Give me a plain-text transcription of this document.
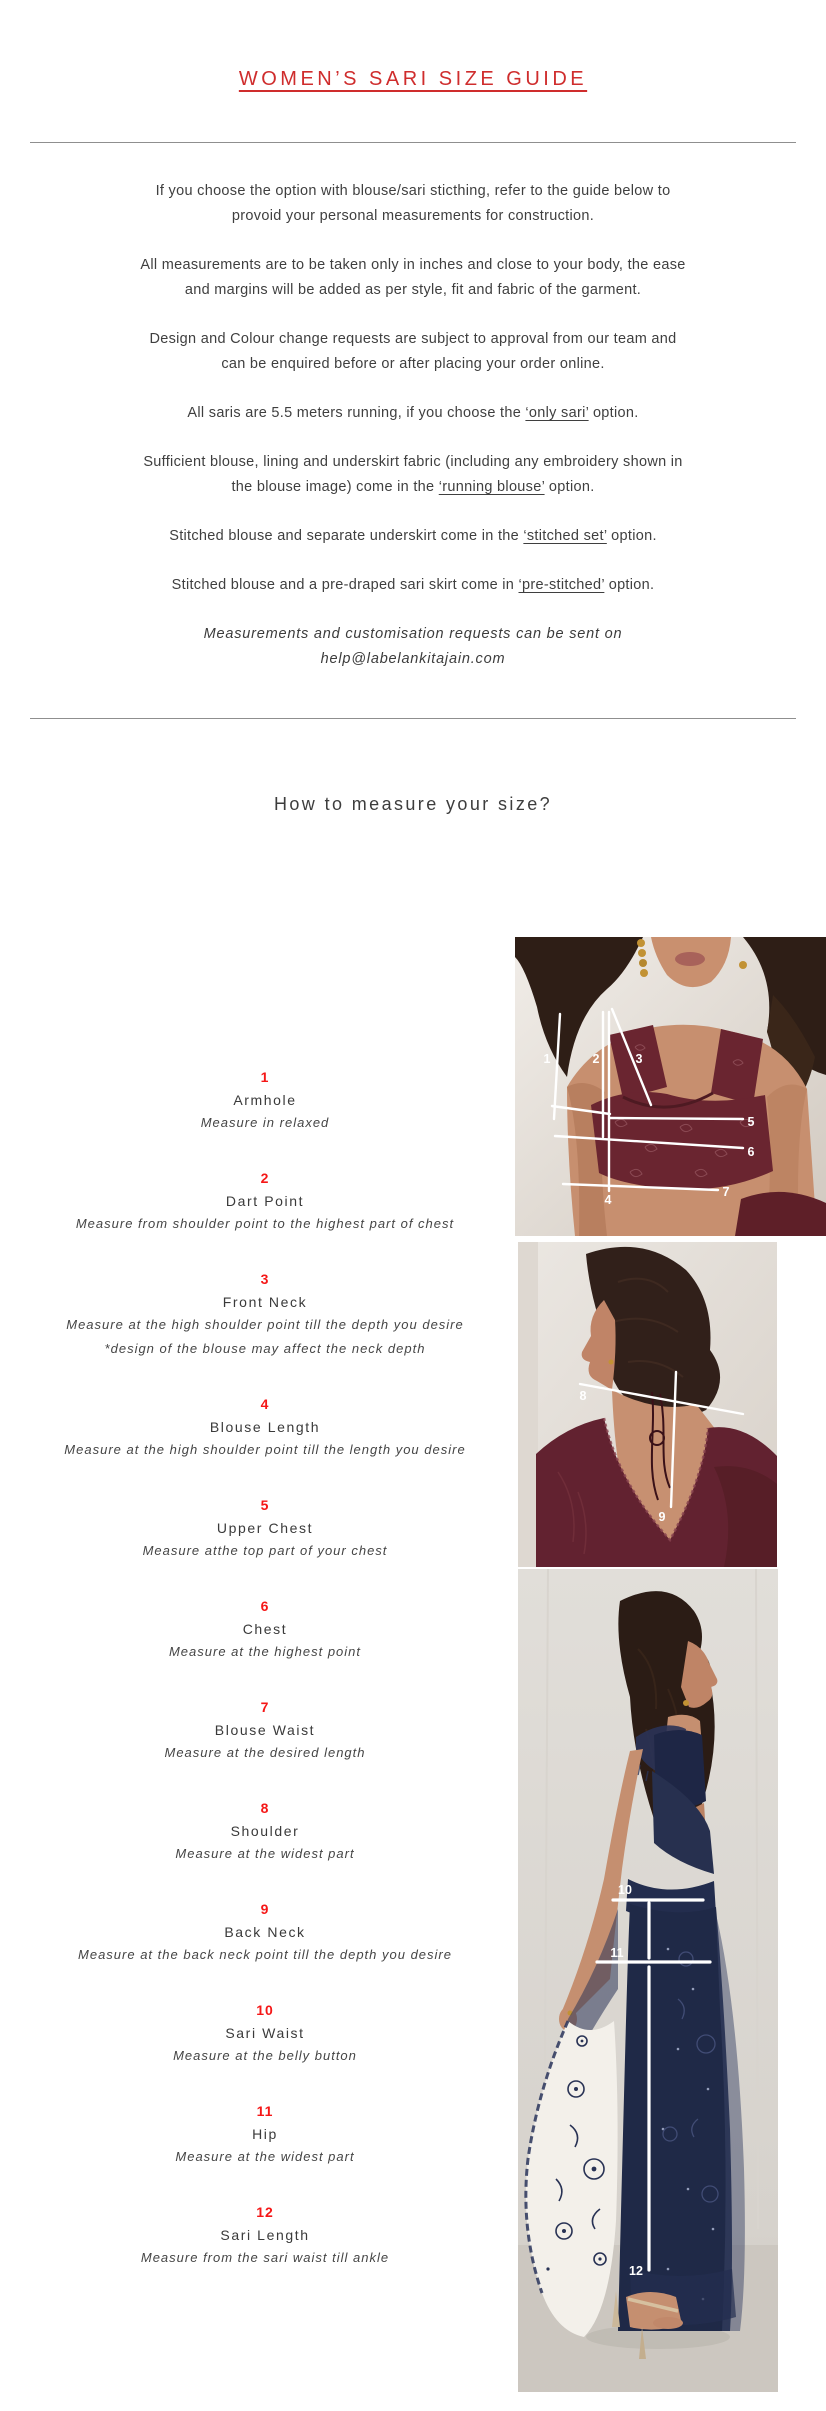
WOMEN’S SARI SIZE GUIDE

If you choose the option with blouse/sari sticthing, refer to the guide below to
provoid your personal measurements for construction.

All measurements are to be taken only in inches and close to your body, the ease
and margins will be added as per style, fit and fabric of the garment.

Design and Colour change requests are subject to approval from our team and
can be enquired before or after placing your order online.

All saris are 5.5 meters running, if you choose the ‘only sari’ option.

Sufficient blouse, lining and underskirt fabric (including any embroidery shown in
the blouse image) come in the ‘running blouse’ option.

Stitched blouse and separate underskirt come in the ‘stitched set’ option.

Stitched blouse and a pre-draped sari skirt come in ‘pre-stitched’ option.

Measurements and customisation requests can be sent on
help@labelankitajain.com

How to measure your size?
1
Armhole
Measure in relaxed
2
Dart Point
Measure from shoulder point to the highest part of chest
3
Front Neck
Measure at the high shoulder point till the depth you desire
*design of the blouse may affect the neck depth
4
Blouse Length
Measure at the high shoulder point till the length you desire
5
Upper Chest
Measure atthe top part of your chest
6
Chest
Measure at the highest point
7
Blouse Waist
Measure at the desired length
8
Shoulder
Measure at the widest part
9
Back Neck
Measure at the back neck point till the depth you desire
10
Sari Waist
Measure at the belly button
11
Hip
Measure at the widest part
12
Sari Length
Measure from the sari waist till ankle
1	2	3
4
5
6
7
8
9
10
11
12
